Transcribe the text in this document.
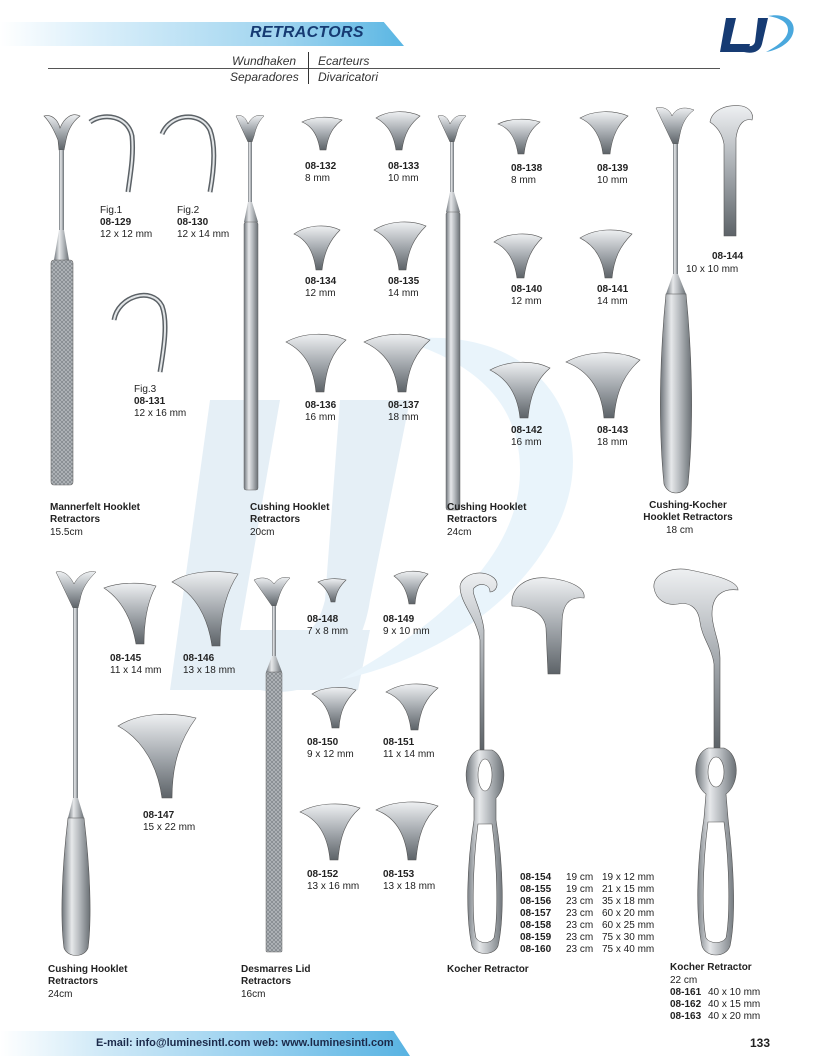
RETRACTORS
Wundhaken Ecarteurs
Separadores Divaricatori
Fig.1
08-129
12 x 12 mm
Fig.2
08-130
12 x 14 mm
Fig.3
08-131
12 x 16 mm
Mannerfelt Hooklet Retractors
15.5cm
08-132
8 mm
08-133
10 mm
08-134
12 mm
08-135
14 mm
08-136
16 mm
08-137
18 mm
Cushing Hooklet Retractors
20cm
08-138
8 mm
08-139
10 mm
08-140
12 mm
08-141
14 mm
08-142
16 mm
08-143
18 mm
Cushing Hooklet Retractors
24cm
08-144
10 x 10 mm
Cushing-Kocher Hooklet Retractors
18 cm
08-145
11 x 14 mm
08-146
13 x 18 mm
08-147
15 x 22 mm
Cushing Hooklet Retractors
24cm
08-148
7 x 8 mm
08-149
9 x 10 mm
08-150
9 x 12 mm
08-151
11 x 14 mm
08-152
13 x 16 mm
08-153
13 x 18 mm
Desmarres Lid Retractors
16cm
08-154	19 cm 19 x 12 mm
08-155	19 cm 21 x 15 mm
08-156	23 cm 35 x 18 mm
08-157	23 cm 60 x 20 mm
08-158	23 cm 60 x 25 mm
08-159	23 cm 75 x 30 mm
08-160	23 cm 75 x 40 mm
Kocher Retractor	Kocher Retractor
22 cm
08-161 40 x 10 mm
08-162 40 x 15 mm
08-163 40 x 20 mm
E-mail: info@luminesintl.com web: www.luminesintl.com	133
